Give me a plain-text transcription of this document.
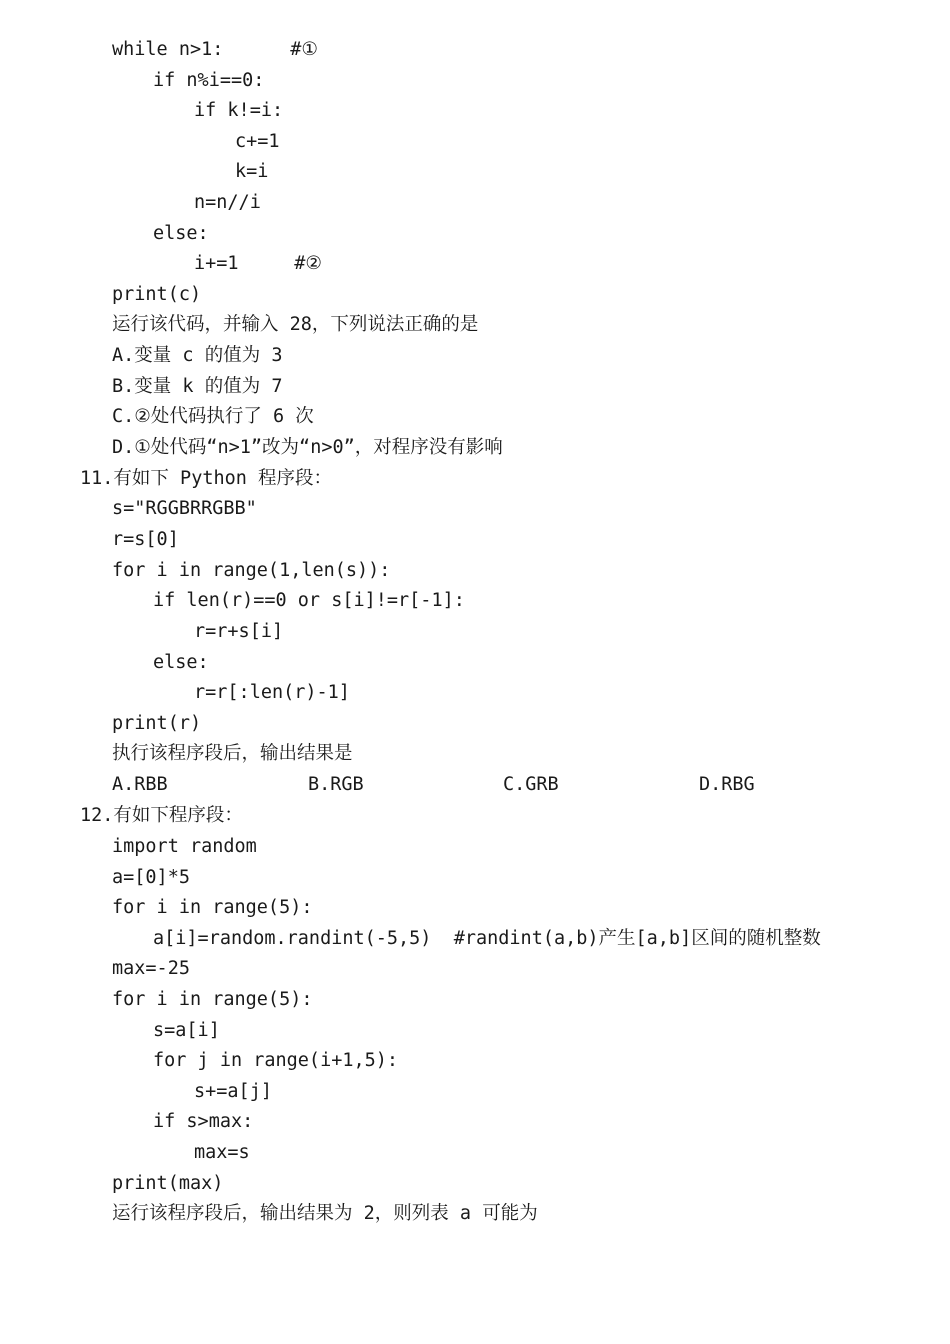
while n>1:      #①
if n%i==0:
if k!=i:
c+=1
k=i
n=n//i
else:
i+=1     #②
print(c)
运行该代码，并输入 28，下列说法正确的是
A.变量 c 的值为 3
B.变量 k 的值为 7
C.②处代码执行了 6 次
D.①处代码“n>1”改为“n>0”，对程序没有影响
11.有如下 Python 程序段：
s="RGGBRRGBB"
r=s[0]
for i in range(1,len(s)):
if len(r)==0 or s[i]!=r[-1]:
r=r+s[i]
else:
r=r[:len(r)-1]
print(r)
执行该程序段后，输出结果是
A.RBB	B.RGB	C.GRB	D.RBG
12.有如下程序段：
import random
a=[0]*5
for i in range(5):
a[i]=random.randint(-5,5)  #randint(a,b)产生[a,b]区间的随机整数
max=-25
for i in range(5):
s=a[i]
for j in range(i+1,5):
s+=a[j]
if s>max:
max=s
print(max)
运行该程序段后，输出结果为 2，则列表 a 可能为
